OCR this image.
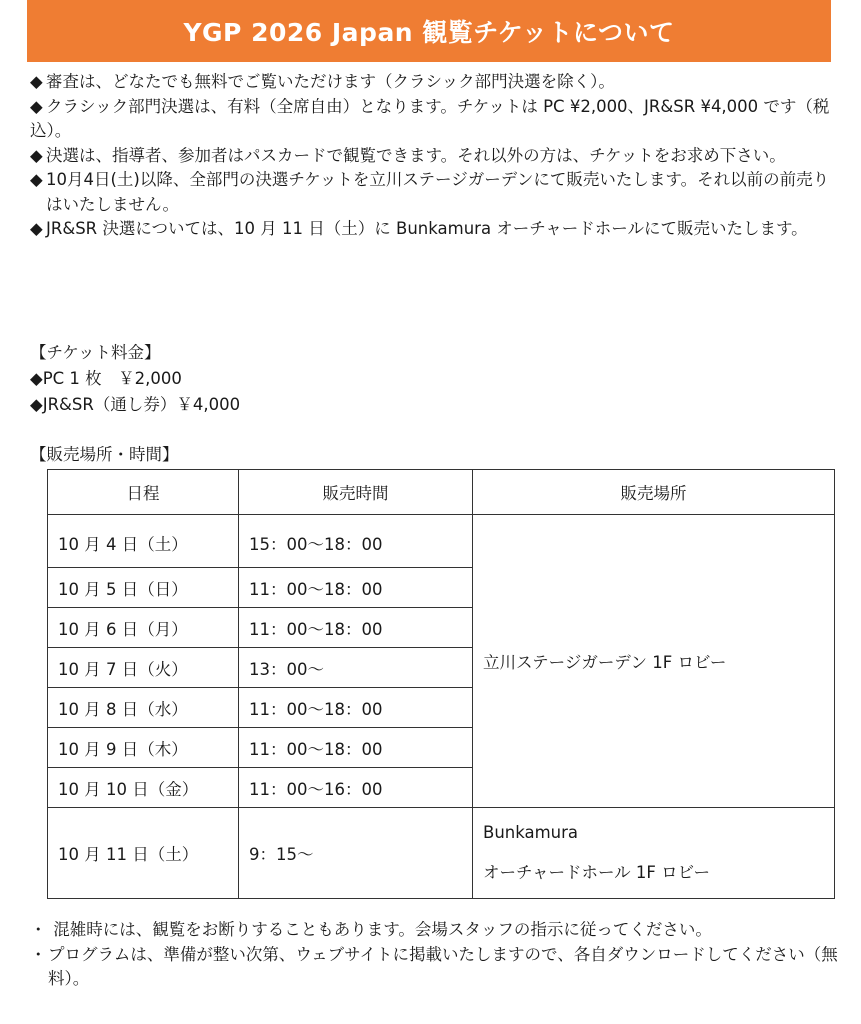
YGP 2026 Japan 観覧チケットについて

◆ 審査は、どなたでも無料でご覧いただけます（クラシック部門決選を除く）。

◆ クラシック部門決選は、有料（全席自由）となります。チケットは PC ¥2,000、JR&SR ¥4,000 です（税込）。

◆ 決選は、指導者、参加者はパスカードで観覧できます。それ以外の方は、チケットをお求め下さい。

◆ 10月4日(土)以降、全部門の決選チケットを立川ステージガーデンにて販売いたします。それ以前の前売りはいたしません。

◆ JR&SR 決選については、10 月 11 日（土）に Bunkamura オーチャードホールにて販売いたします。

【チケット料金】
◆PC 1 枚　￥2,000
◆JR&SR（通し券）￥4,000
【販売場所・時間】
日程	販売時間	販売場所
10 月 4 日（土）	15：00〜18：00	立川ステージガーデン 1F ロビー
10 月 5 日（日）	11：00〜18：00	
10 月 6 日（月）	11：00〜18：00	
10 月 7 日（火）	13：00〜	
10 月 8 日（水）	11：00〜18：00	
10 月 9 日（木）	11：00〜18：00	
10 月 10 日（金）	11：00〜16：00	
10 月 11 日（土）	9：15〜	Bunkamura
オーチャードホール 1F ロビー

・ 混雑時には、観覧をお断りすることもあります。会場スタッフの指示に従ってください。

・プログラムは、準備が整い次第、ウェブサイトに掲載いたしますので、各自ダウンロードしてください（無料）。
